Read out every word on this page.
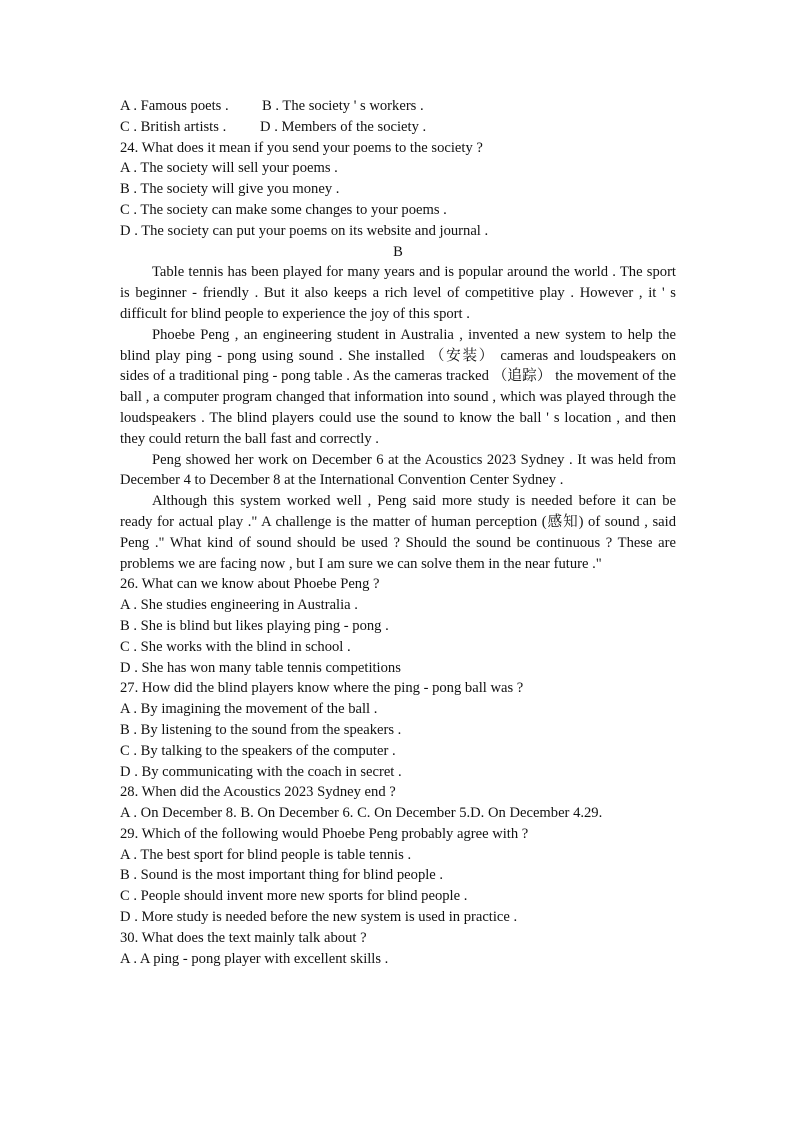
A . Famous poets .	B . The society ' s workers .
C . British artists .	D . Members of the society .
24. What does it mean if you send your poems to the society ?
A . The society will sell your poems .
B . The society will give you money .
C . The society can make some changes to your poems .
D . The society can put your poems on its website and journal .
B
Table tennis has been played for many years and is popular around the world . The sport is beginner - friendly . But it also keeps a rich level of competitive play . However , it ' s difficult for blind people to experience the joy of this sport .
Phoebe Peng , an engineering student in Australia , invented a new system to help the blind play ping - pong using sound . She installed （安装） cameras and loudspeakers on sides of a traditional ping - pong table . As the cameras tracked （追踪） the movement of the ball , a computer program changed that information into sound , which was played through the loudspeakers . The blind players could use the sound to know the ball ' s location , and then they could return the ball fast and correctly .
Peng showed her work on December 6 at the Acoustics 2023 Sydney . It was held from December 4 to December 8 at the International Convention Center Sydney .
Although this system worked well , Peng said more study is needed before it can be ready for actual play ." A challenge is the matter of human perception (感知) of sound , said Peng ." What kind of sound should be used ? Should the sound be continuous ? These are problems we are facing now , but I am sure we can solve them in the near future ."
26. What can we know about Phoebe Peng ?
A . She studies engineering in Australia .
B . She is blind but likes playing ping - pong .
C . She works with the blind in school .
D . She has won many table tennis competitions
27. How did the blind players know where the ping - pong ball was ?
A . By imagining the movement of the ball .
B . By listening to the sound from the speakers .
C . By talking to the speakers of the computer .
D . By communicating with the coach in secret .
28. When did the Acoustics 2023 Sydney end ?
A . On December 8. B. On December 6. C. On December 5.D. On December 4.29.
29. Which of the following would Phoebe Peng probably agree with ?
A . The best sport for blind people is table tennis .
B . Sound is the most important thing for blind people .
C . People should invent more new sports for blind people .
D . More study is needed before the new system is used in practice .
30. What does the text mainly talk about ?
A . A ping - pong player with excellent skills .
